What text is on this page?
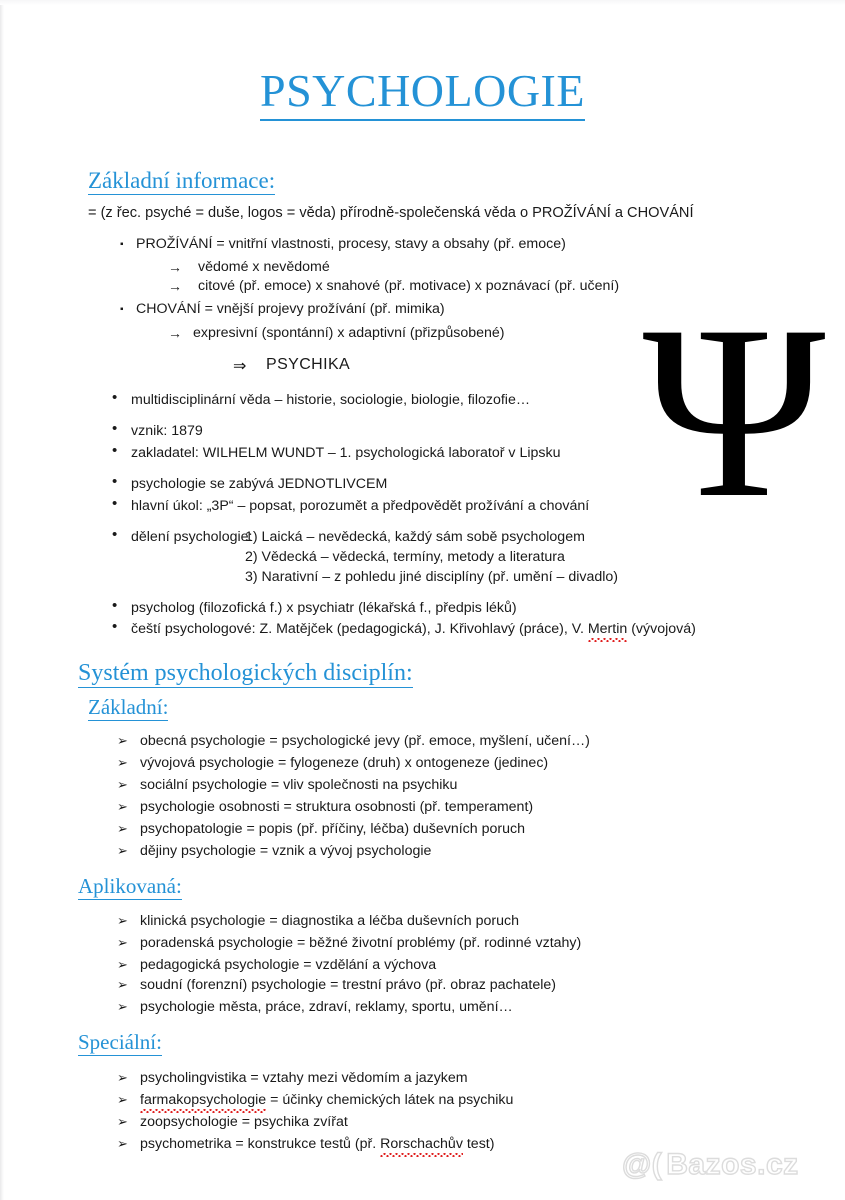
PSYCHOLOGIE
Ψ
Základní informace:
= (z řec. psyché = duše, logos = věda) přírodně-společenská věda o PROŽÍVÁNÍ a CHOVÁNÍ
▪ PROŽÍVÁNÍ = vnitřní vlastnosti, procesy, stavy a obsahy (př. emoce)
→ vědomé x nevědomé
→ citové (př. emoce) x snahové (př. motivace) x poznávací (př. učení)
▪ CHOVÁNÍ = vnější projevy prožívání (př. mimika)
→ expresivní (spontánní) x adaptivní (přizpůsobené)
⇒ PSYCHIKA
• multidisciplinární věda – historie, sociologie, biologie, filozofie…
• vznik: 1879
• zakladatel: WILHELM WUNDT – 1. psychologická laboratoř v Lipsku
• psychologie se zabývá JEDNOTLIVCEM
• hlavní úkol: „3P“ – popsat, porozumět a předpovědět prožívání a chování
• dělení psychologie:
1) Laická – nevědecká, každý sám sobě psychologem
2) Vědecká – vědecká, termíny, metody a literatura
3) Narativní – z pohledu jiné disciplíny (př. umění – divadlo)
• psycholog (filozofická f.) x psychiatr (lékařská f., předpis léků)
• čeští psychologové: Z. Matějček (pedagogická), J. Křivohlavý (práce), V. Mertin (vývojová)
Systém psychologických disciplín:
Základní:
➢ obecná psychologie = psychologické jevy (př. emoce, myšlení, učení…)
➢ vývojová psychologie = fylogeneze (druh) x ontogeneze (jedinec)
➢ sociální psychologie = vliv společnosti na psychiku
➢ psychologie osobnosti = struktura osobnosti (př. temperament)
➢ psychopatologie = popis (př. příčiny, léčba) duševních poruch
➢ dějiny psychologie = vznik a vývoj psychologie
Aplikovaná:
➢ klinická psychologie = diagnostika a léčba duševních poruch
➢ poradenská psychologie = běžné životní problémy (př. rodinné vztahy)
➢ pedagogická psychologie = vzdělání a výchova
➢ soudní (forenzní) psychologie = trestní právo (př. obraz pachatele)
➢ psychologie města, práce, zdraví, reklamy, sportu, umění…
Speciální:
➢ psycholingvistika = vztahy mezi vědomím a jazykem
➢ farmakopsychologie = účinky chemických látek na psychiku
➢ zoopsychologie = psychika zvířat
➢ psychometrika = konstrukce testů (př. Rorschachův test)
@( Bazos.cz
